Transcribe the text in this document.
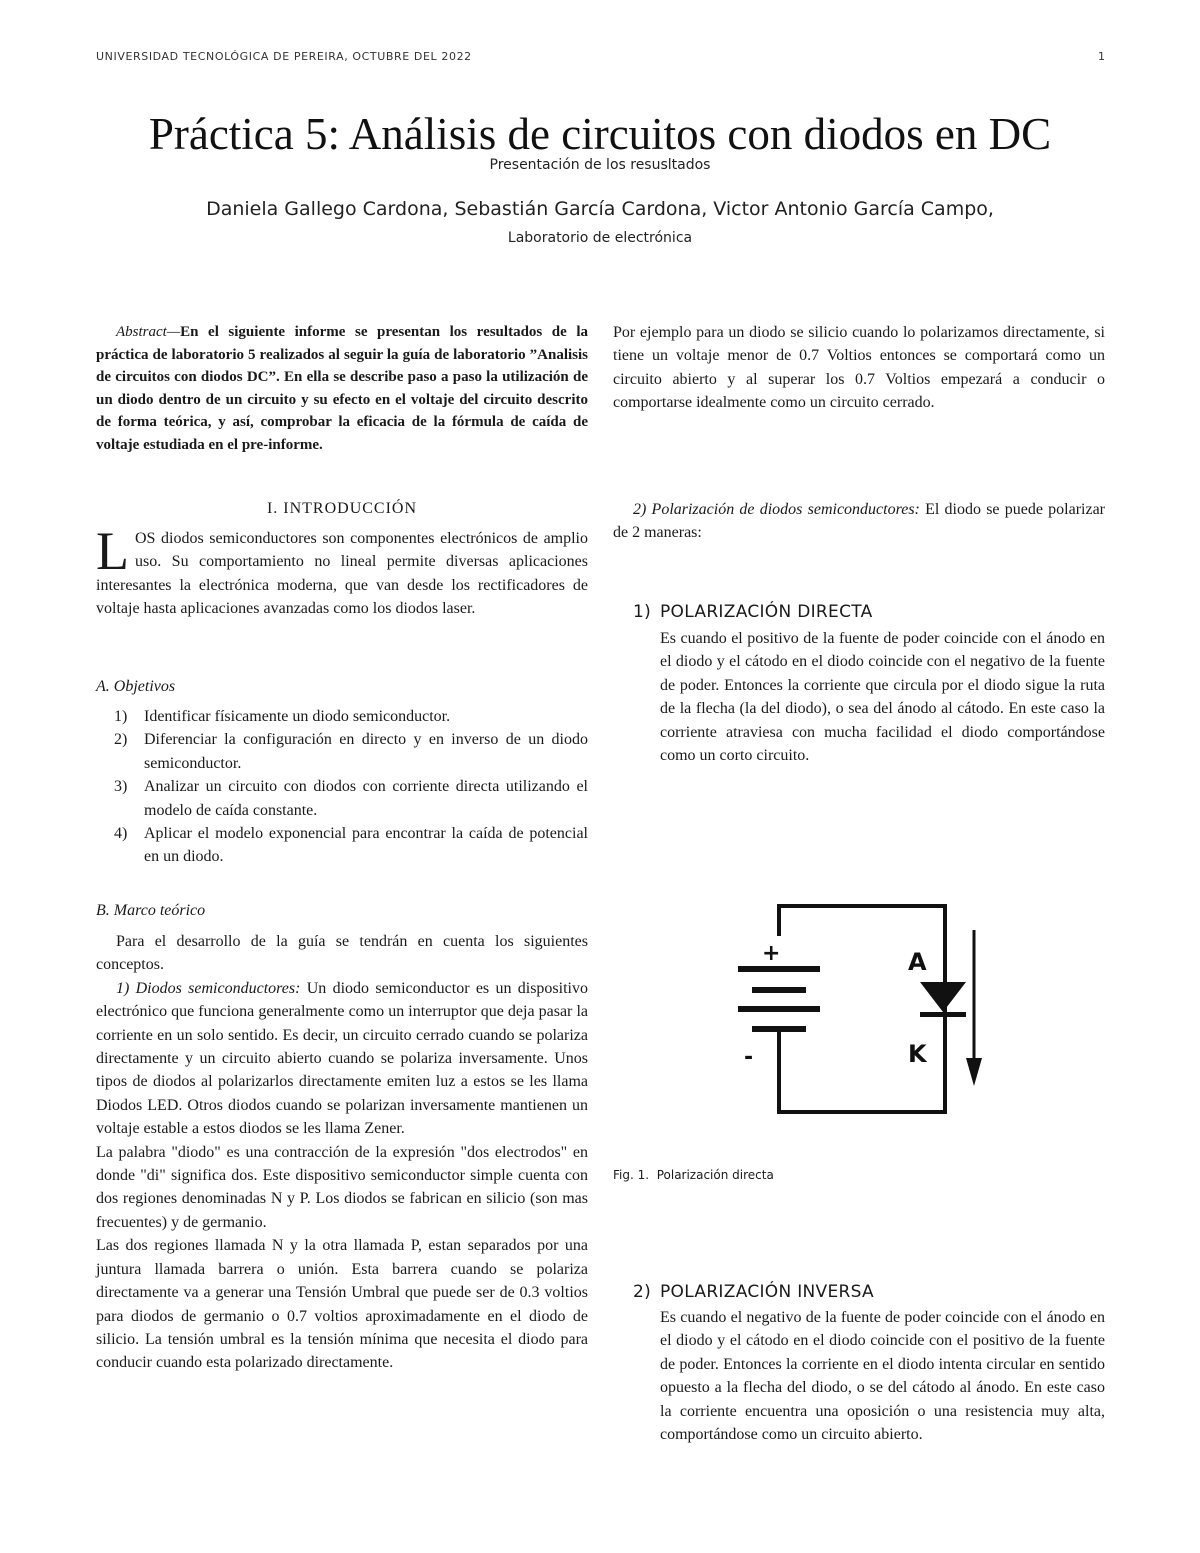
UNIVERSIDAD TECNOLÓGICA DE PEREIRA, OCTUBRE DEL 2022	1
Práctica 5: Análisis de circuitos con diodos en DC
Presentación de los resusltados
Daniela Gallego Cardona, Sebastián García Cardona, Victor Antonio García Campo,
Laboratorio de electrónica

Abstract—En el siguiente informe se presentan los resultados de la práctica de laboratorio 5 realizados al seguir la guía de laboratorio ”Analisis de circuitos con diodos DC”. En ella se describe paso a paso la utilización de un diodo dentro de un circuito y su efecto en el voltaje del circuito descrito de forma teórica, y así, comprobar la eficacia de la fórmula de caída de voltaje estudiada en el pre-informe.

I. INTRODUCCIÓN

LOS diodos semiconductores son componentes electrónicos de amplio uso. Su comportamiento no lineal permite diversas aplicaciones interesantes la electrónica moderna, que van desde los rectificadores de voltaje hasta aplicaciones avanzadas como los diodos laser.

A. Objetivos
1) Identificar físicamente un diodo semiconductor.
2) Diferenciar la configuración en directo y en inverso de un diodo semiconductor.
3) Analizar un circuito con diodos con corriente directa utilizando el modelo de caída constante.
4) Aplicar el modelo exponencial para encontrar la caída de potencial en un diodo.
B. Marco teórico

Para el desarrollo de la guía se tendrán en cuenta los siguientes conceptos.

1) Diodos semiconductores: Un diodo semiconductor es un dispositivo electrónico que funciona generalmente como un interruptor que deja pasar la corriente en un solo sentido. Es decir, un circuito cerrado cuando se polariza directamente y un circuito abierto cuando se polariza inversamente. Unos tipos de diodos al polarizarlos directamente emiten luz a estos se les llama Diodos LED. Otros diodos cuando se polarizan inversamente mantienen un voltaje estable a estos diodos se les llama Zener.

La palabra "diodo" es una contracción de la expresión "dos electrodos" en donde "di" significa dos. Este dispositivo semiconductor simple cuenta con dos regiones denominadas N y P. Los diodos se fabrican en silicio (son mas frecuentes) y de germanio.

Las dos regiones llamada N y la otra llamada P, estan separados por una juntura llamada barrera o unión. Esta barrera cuando se polariza directamente va a generar una Tensión Umbral que puede ser de 0.3 voltios para diodos de germanio o 0.7 voltios aproximadamente en el diodo de silicio. La tensión umbral es la tensión mínima que necesita el diodo para conducir cuando esta polarizado directamente.

Por ejemplo para un diodo se silicio cuando lo polarizamos directamente, si tiene un voltaje menor de 0.7 Voltios entonces se comportará como un circuito abierto y al superar los 0.7 Voltios empezará a conducir o comportarse idealmente como un circuito cerrado.

2) Polarización de diodos semiconductores: El diodo se puede polarizar de 2 maneras:

1) POLARIZACIÓN DIRECTA
Es cuando el positivo de la fuente de poder coincide con el ánodo en el diodo y el cátodo en el diodo coincide con el negativo de la fuente de poder. Entonces la corriente que circula por el diodo sigue la ruta de la flecha (la del diodo), o sea del ánodo al cátodo. En este caso la corriente atraviesa con mucha facilidad el diodo comportándose como un corto circuito.
+
-
A
K
Fig. 1. Polarización directa
2) POLARIZACIÓN INVERSA
Es cuando el negativo de la fuente de poder coincide con el ánodo en el diodo y el cátodo en el diodo coincide con el positivo de la fuente de poder. Entonces la corriente en el diodo intenta circular en sentido opuesto a la flecha del diodo, o se del cátodo al ánodo. En este caso la corriente encuentra una oposición o una resistencia muy alta, comportándose como un circuito abierto.
